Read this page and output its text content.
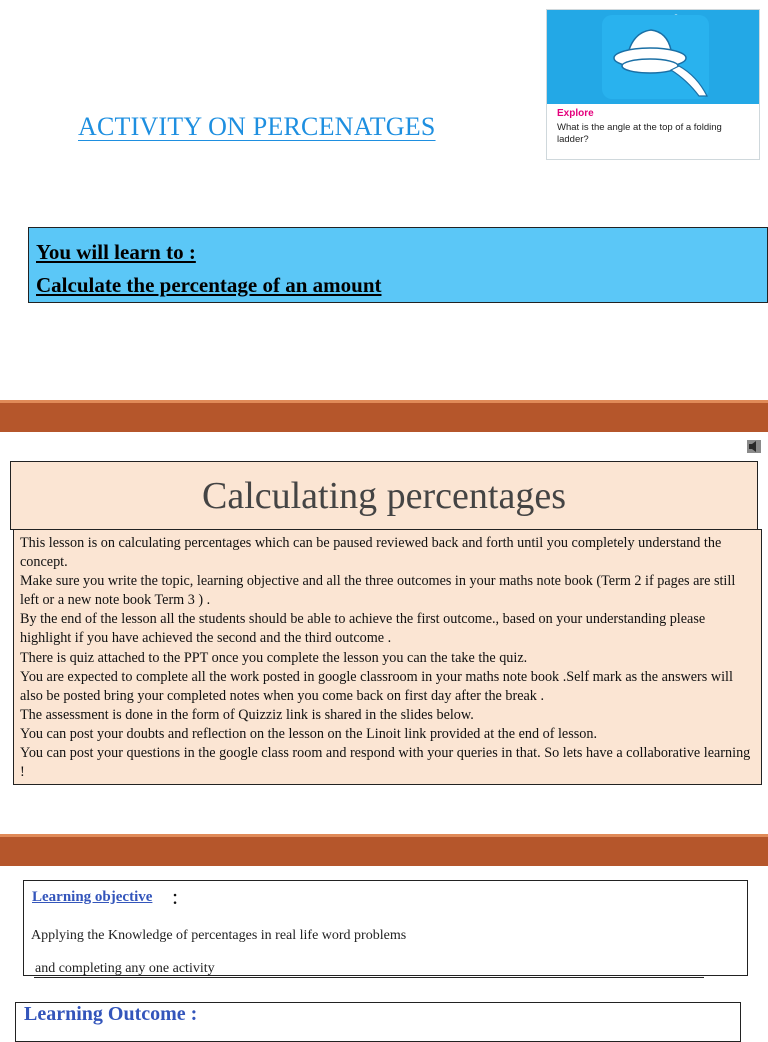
ACTIVITY ON PERCENATGES	Explore
What is the angle at the top of a folding ladder?
You will learn to :
Calculate the percentage of an amount
Calculating percentages

This lesson is on calculating percentages which can be paused reviewed back and forth until you completely understand the concept.

Make sure you write the topic, learning objective and all the three outcomes in your maths note book (Term 2 if pages are still left or a new note book Term 3 ) .

By the end of the lesson all the students should be able to achieve the first outcome., based on your understanding please highlight if you have achieved the second and the third outcome .

There is quiz attached to the PPT once you complete the lesson you can the take the quiz.

You are expected to complete all the work posted in google classroom in your maths note book .Self mark as the answers will also be posted bring your completed notes when you come back on first day after the break .

The assessment is done in the form of Quizziz link is shared in the slides below.

You can post your doubts and reflection on the lesson on the Linoit link provided at the end of lesson.

You can post your questions in the google class room and respond with your queries in that. So lets have a collaborative learning !

Learning objective :
Applying the Knowledge of percentages in real life word problems
and completing any one activity
Learning Outcome :
